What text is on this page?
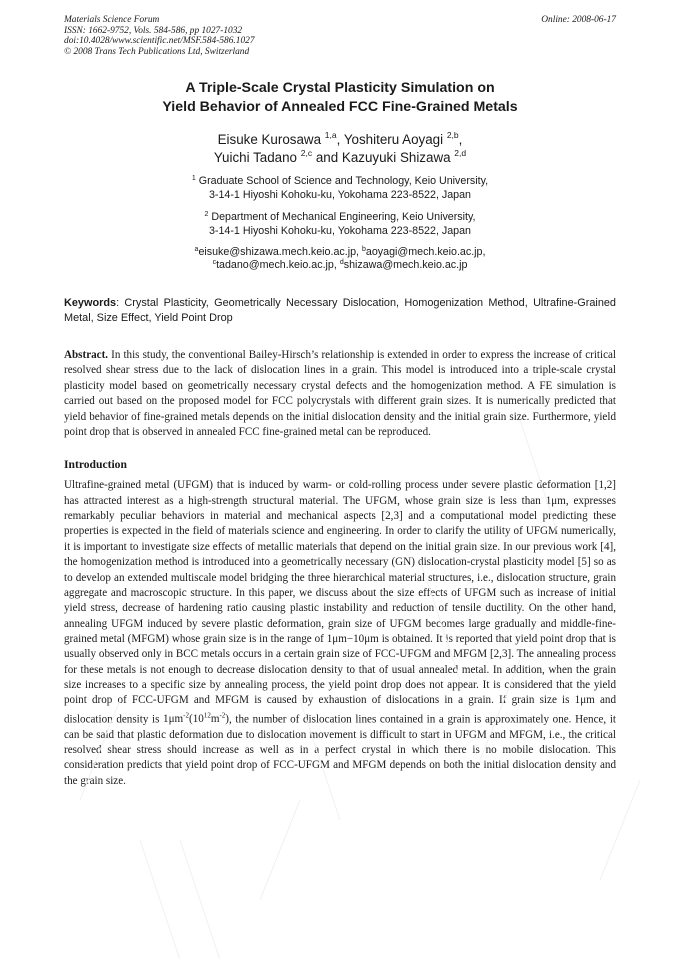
Materials Science Forum
ISSN: 1662-9752, Vols. 584-586, pp 1027-1032
doi:10.4028/www.scientific.net/MSF.584-586.1027
© 2008 Trans Tech Publications Ltd, Switzerland
Online: 2008-06-17
A Triple-Scale Crystal Plasticity Simulation on
Yield Behavior of Annealed FCC Fine-Grained Metals
Eisuke Kurosawa $^{1,a}$, Yoshiteru Aoyagi $^{2,b}$,
Yuichi Tadano $^{2,c}$ and Kazuyuki Shizawa $^{2,d}$
$^1$ Graduate School of Science and Technology, Keio University,
3-14-1 Hiyoshi Kohoku-ku, Yokohama 223-8522, Japan
$^2$ Department of Mechanical Engineering, Keio University,
3-14-1 Hiyoshi Kohoku-ku, Yokohama 223-8522, Japan
$^a$eisuke@shizawa.mech.keio.ac.jp, $^b$aoyagi@mech.keio.ac.jp,
$^c$tadano@mech.keio.ac.jp, $^d$shizawa@mech.keio.ac.jp
Keywords: Crystal Plasticity, Geometrically Necessary Dislocation, Homogenization Method, Ultrafine-Grained Metal, Size Effect, Yield Point Drop
Abstract. In this study, the conventional Bailey-Hirsch’s relationship is extended in order to express the increase of critical resolved shear stress due to the lack of dislocation lines in a grain. This model is introduced into a triple-scale crystal plasticity model based on geometrically necessary crystal defects and the homogenization method. A FE simulation is carried out based on the proposed model for FCC polycrystals with different grain sizes. It is numerically predicted that yield behavior of fine-grained metals depends on the initial dislocation density and the initial grain size. Furthermore, yield point drop that is observed in annealed FCC fine-grained metal can be reproduced.
Introduction
Ultrafine-grained metal (UFGM) that is induced by warm- or cold-rolling process under severe plastic deformation [1,2] has attracted interest as a high-strength structural material. The UFGM, whose grain size is less than 1μm, expresses remarkably peculiar behaviors in material and mechanical aspects [2,3] and a computational model predicting these properties is expected in the field of materials science and engineering. In order to clarify the utility of UFGM numerically, it is important to investigate size effects of metallic materials that depend on the initial grain size. In our previous work [4], the homogenization method is introduced into a geometrically necessary (GN) dislocation-crystal plasticity model [5] so as to develop an extended multiscale model bridging the three hierarchical material structures, i.e., dislocation structure, grain aggregate and macroscopic structure. In this paper, we discuss about the size effects of UFGM such as increase of initial yield stress, decrease of hardening ratio causing plastic instability and reduction of tensile ductility. On the other hand, annealing UFGM induced by severe plastic deformation, grain size of UFGM becomes large gradually and middle-fine-grained metal (MFGM) whose grain size is in the range of 1μm−10μm is obtained. It is reported that yield point drop that is usually observed only in BCC metals occurs in a certain grain size of FCC-UFGM and MFGM [2,3]. The annealing process for these metals is not enough to decrease dislocation density to that of usual annealed metal. In addition, when the grain size increases to a specific size by annealing process, the yield point drop does not appear. It is considered that the yield point drop of FCC-UFGM and MFGM is caused by exhaustion of dislocations in a grain. If grain size is 1μm and dislocation density is $1\mu m^{-2}(10^{12}m^{-2})$, the number of dislocation lines contained in a grain is approximately one. Hence, it can be said that plastic deformation due to dislocation movement is difficult to start in UFGM and MFGM, i.e., the critical resolved shear stress should increase as well as in a perfect crystal in which there is no mobile dislocation. This consideration predicts that yield point drop of FCC-UFGM and MFGM depends on both the initial dislocation density and the grain size.
